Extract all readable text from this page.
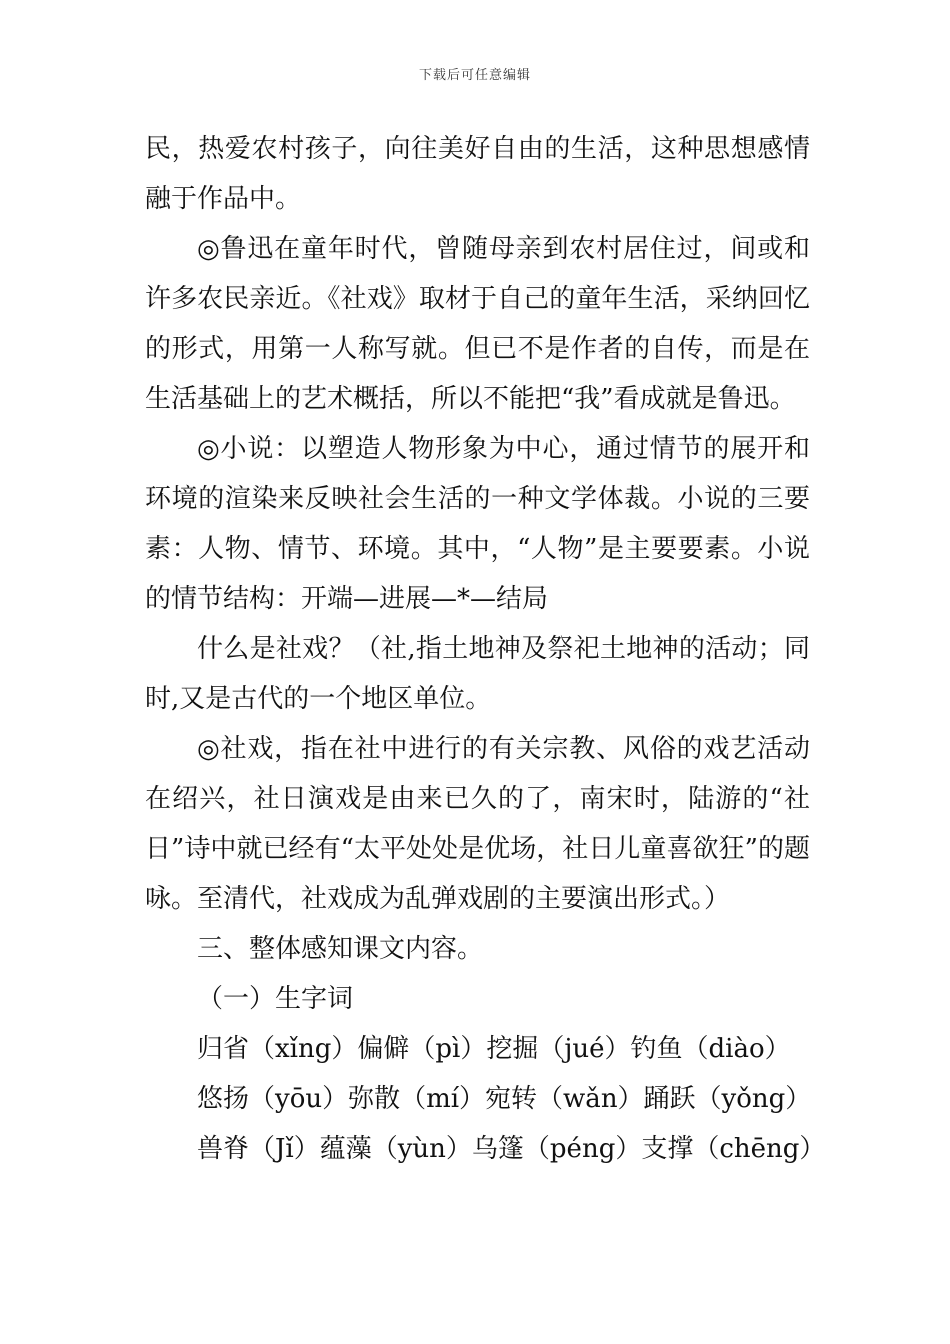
下载后可任意编辑

民，热爱农村孩子，向往美好自由的生活，这种思想感情融于作品中。

◎鲁迅在童年时代，曾随母亲到农村居住过，间或和许多农民亲近。《社戏》取材于自己的童年生活，采纳回忆的形式，用第一人称写就。但已不是作者的自传，而是在生活基础上的艺术概括，所以不能把“我”看成就是鲁迅。

◎小说：以塑造人物形象为中心，通过情节的展开和环境的渲染来反映社会生活的一种文学体裁。小说的三要素：人物、情节、环境。其中，“人物”是主要要素。小说的情节结构：开端—进展—*—结局

什么是社戏？（社,指土地神及祭祀土地神的活动；同时,又是古代的一个地区单位。

◎社戏，指在社中进行的有关宗教、风俗的戏艺活动在绍兴，社日演戏是由来已久的了，南宋时，陆游的“社日”诗中就已经有“太平处处是优场，社日儿童喜欲狂”的题咏。至清代，社戏成为乱弹戏剧的主要演出形式。）

三、整体感知课文内容。

（一）生字词

归省（xǐng）偏僻（pì）挖掘（jué）钓鱼（diào）
悠扬（yōu）弥散（mí）宛转（wǎn）踊跃（yǒng）
兽脊（Jǐ）蕴藻（yùn）乌篷（péng）支撑（chēng）
